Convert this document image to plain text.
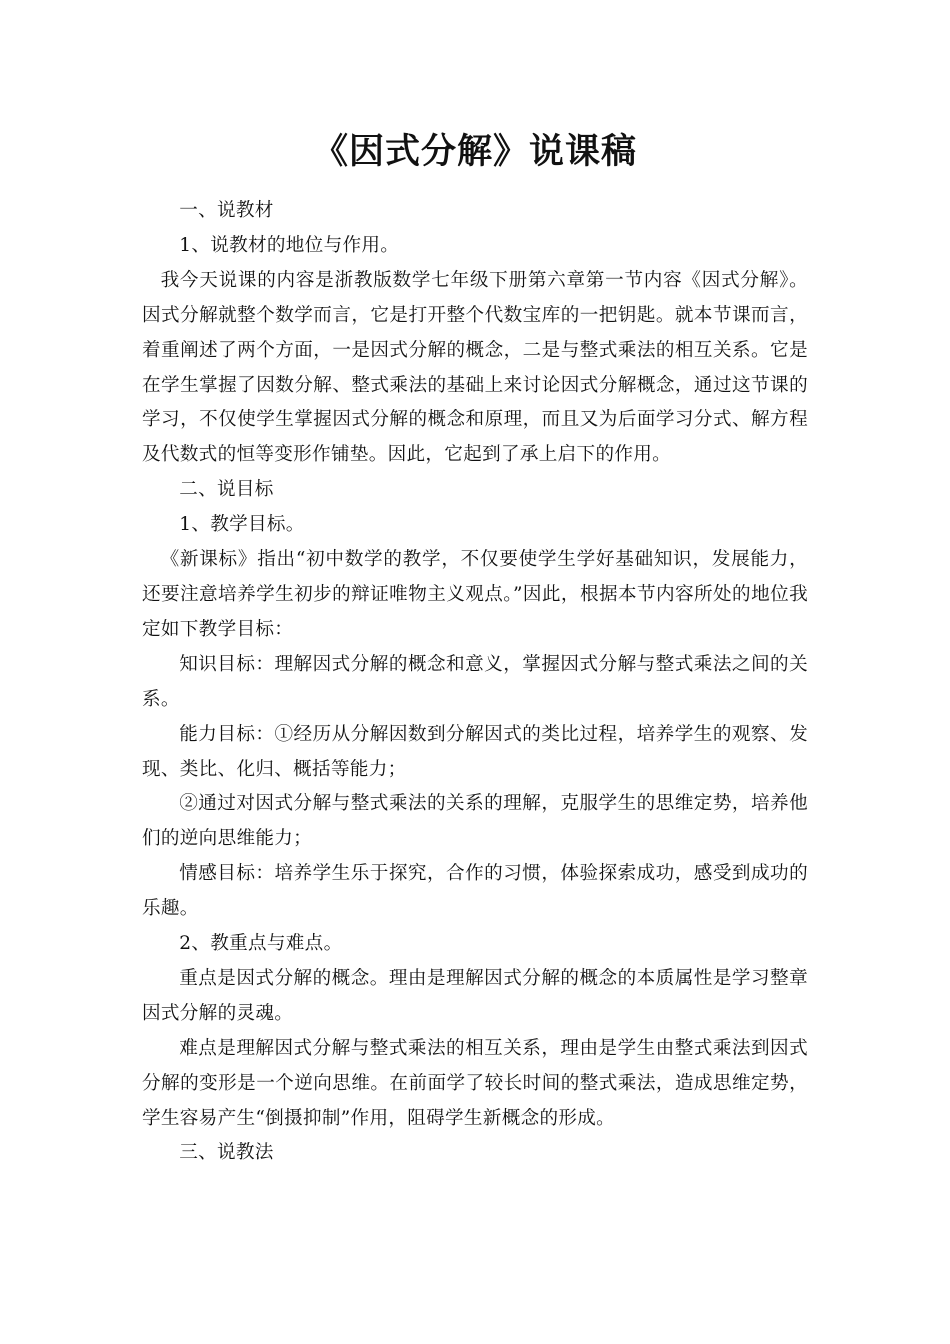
《因式分解》说课稿

一、说教材

1、说教材的地位与作用。

我今天说课的内容是浙教版数学七年级下册第六章第一节内容《因式分解》。因式分解就整个数学而言，它是打开整个代数宝库的一把钥匙。就本节课而言，着重阐述了两个方面，一是因式分解的概念，二是与整式乘法的相互关系。它是在学生掌握了因数分解、整式乘法的基础上来讨论因式分解概念，通过这节课的学习，不仅使学生掌握因式分解的概念和原理，而且又为后面学习分式、解方程及代数式的恒等变形作铺垫。因此，它起到了承上启下的作用。

二、说目标

1、教学目标。

《新课标》指出“初中数学的教学，不仅要使学生学好基础知识，发展能力，还要注意培养学生初步的辩证唯物主义观点。”因此，根据本节内容所处的地位我定如下教学目标：

知识目标：理解因式分解的概念和意义，掌握因式分解与整式乘法之间的关系。

能力目标：①经历从分解因数到分解因式的类比过程，培养学生的观察、发现、类比、化归、概括等能力；

②通过对因式分解与整式乘法的关系的理解，克服学生的思维定势，培养他们的逆向思维能力；

情感目标：培养学生乐于探究，合作的习惯，体验探索成功，感受到成功的乐趣。

2、教重点与难点。

重点是因式分解的概念。理由是理解因式分解的概念的本质属性是学习整章因式分解的灵魂。

难点是理解因式分解与整式乘法的相互关系，理由是学生由整式乘法到因式分解的变形是一个逆向思维。在前面学了较长时间的整式乘法，造成思维定势，学生容易产生“倒摄抑制”作用，阻碍学生新概念的形成。

三、说教法
